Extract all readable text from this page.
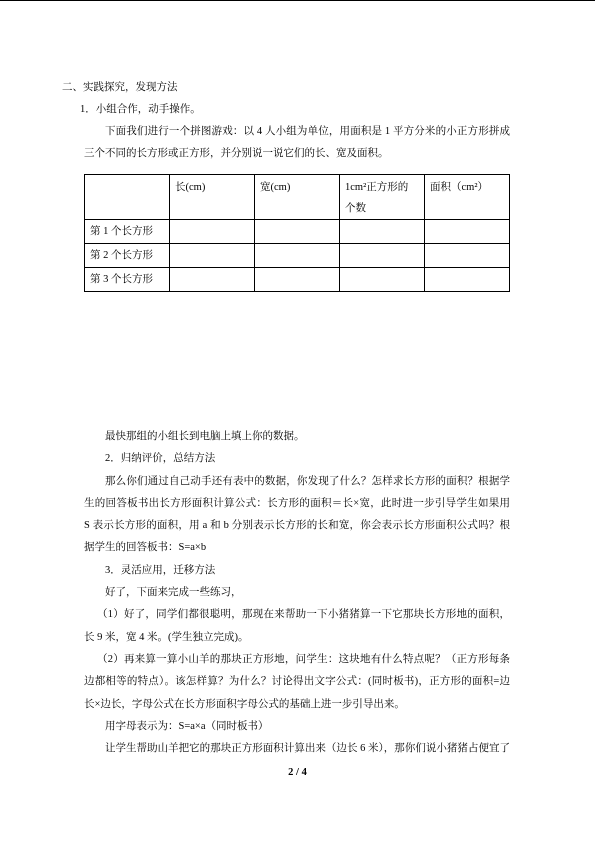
二、实践探究，发现方法
1．小组合作，动手操作。
下面我们进行一个拼图游戏：以 4 人小组为单位，用面积是 1 平方分米的小正方形拼成
三个不同的长方形或正方形，并分别说一说它们的长、宽及面积。
	长(cm)	宽(cm)	1cm²正方形的个数	面积（cm²）
第 1 个长方形				
第 2 个长方形				
第 3 个长方形				
最快那组的小组长到电脑上填上你的数据。
2．归纳评价，总结方法
那么你们通过自己动手还有表中的数据，你发现了什么？怎样求长方形的面积？根据学
生的回答板书出长方形面积计算公式：长方形的面积＝长×宽，此时进一步引导学生如果用
S 表示长方形的面积，用 a 和 b 分别表示长方形的长和宽，你会表示长方形面积公式吗？根
据学生的回答板书：S=a×b
3．灵活应用，迁移方法
好了，下面来完成一些练习，
（1）好了，同学们都很聪明，那现在来帮助一下小猪猪算一下它那块长方形地的面积，
长 9 米，宽 4 米。(学生独立完成)。
（2）再来算一算小山羊的那块正方形地，问学生：这块地有什么特点呢？（正方形每条
边都相等的特点）。该怎样算？为什么？讨论得出文字公式：(同时板书)，正方形的面积=边
长×边长，字母公式在长方形面积字母公式的基础上进一步引导出来。
用字母表示为：S=a×a（同时板书）
让学生帮助山羊把它的那块正方形面积计算出来（边长 6 米），那你们说小猪猪占便宜了
2 / 4
